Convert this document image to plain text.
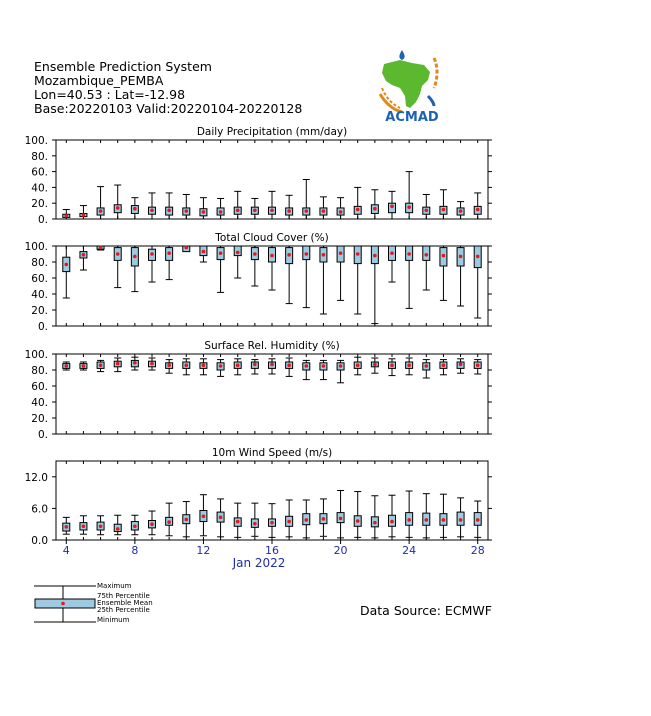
Ensemble Prediction System
Mozambique_PEMBA
Lon=40.53 : Lat=-12.98
Base:20220103 Valid:20220104-20220128
ACMAD
Daily Precipitation (mm/day)
0.
20.
40.
60.
80.
100.
Total Cloud Cover (%)
0.
20.
40.
60.
80.
100.
Surface Rel. Humidity (%)
0.
20.
40.
60.
80.
100.
10m Wind Speed (m/s)
0.0
6.0
12.0
4	8	12	16	20	24	28
Jan 2022
Data Source: ECMWF
Maximum
75th Percentile
Ensemble Mean
25th Percentile
Minimum
